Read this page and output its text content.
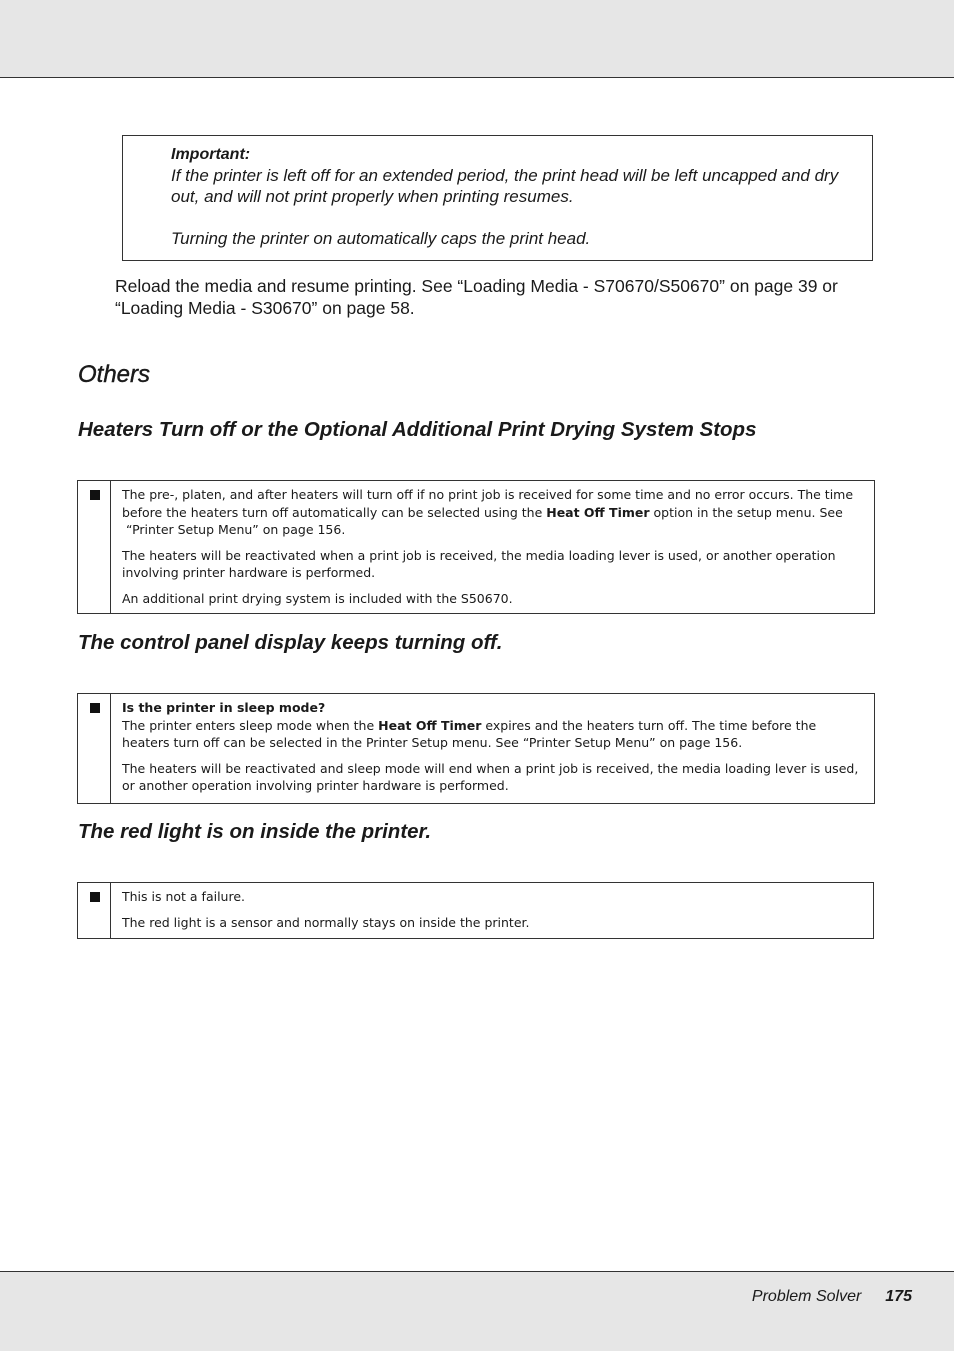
Important:

If the printer is left off for an extended period, the print head will be left uncapped and dry out, and will not print properly when printing resumes.

Turning the printer on automatically caps the print head.

Reload the media and resume printing. See “Loading Media - S70670/S50670” on page 39 or “Loading Media - S30670” on page 58.

Others
Heaters Turn off or the Optional Additional Print Drying System Stops

The pre-, platen, and after heaters will turn off if no print job is received for some time and no error occurs. The time before the heaters turn off automatically can be selected using the Heat Off Timer option in the setup menu. See  “Printer Setup Menu” on page 156.

The heaters will be reactivated when a print job is received, the media loading lever is used, or another operation involving printer hardware is performed.

An additional print drying system is included with the S50670.

The control panel display keeps turning off.

Is the printer in sleep mode?

The printer enters sleep mode when the Heat Off Timer expires and the heaters turn off. The time before the heaters turn off can be selected in the Printer Setup menu. See “Printer Setup Menu” on page 156.

The heaters will be reactivated and sleep mode will end when a print job is received, the media loading lever is used, or another operation involving printer hardware is performed.

The red light is on inside the printer.

This is not a failure.

The red light is a sensor and normally stays on inside the printer.

Problem Solver 175
